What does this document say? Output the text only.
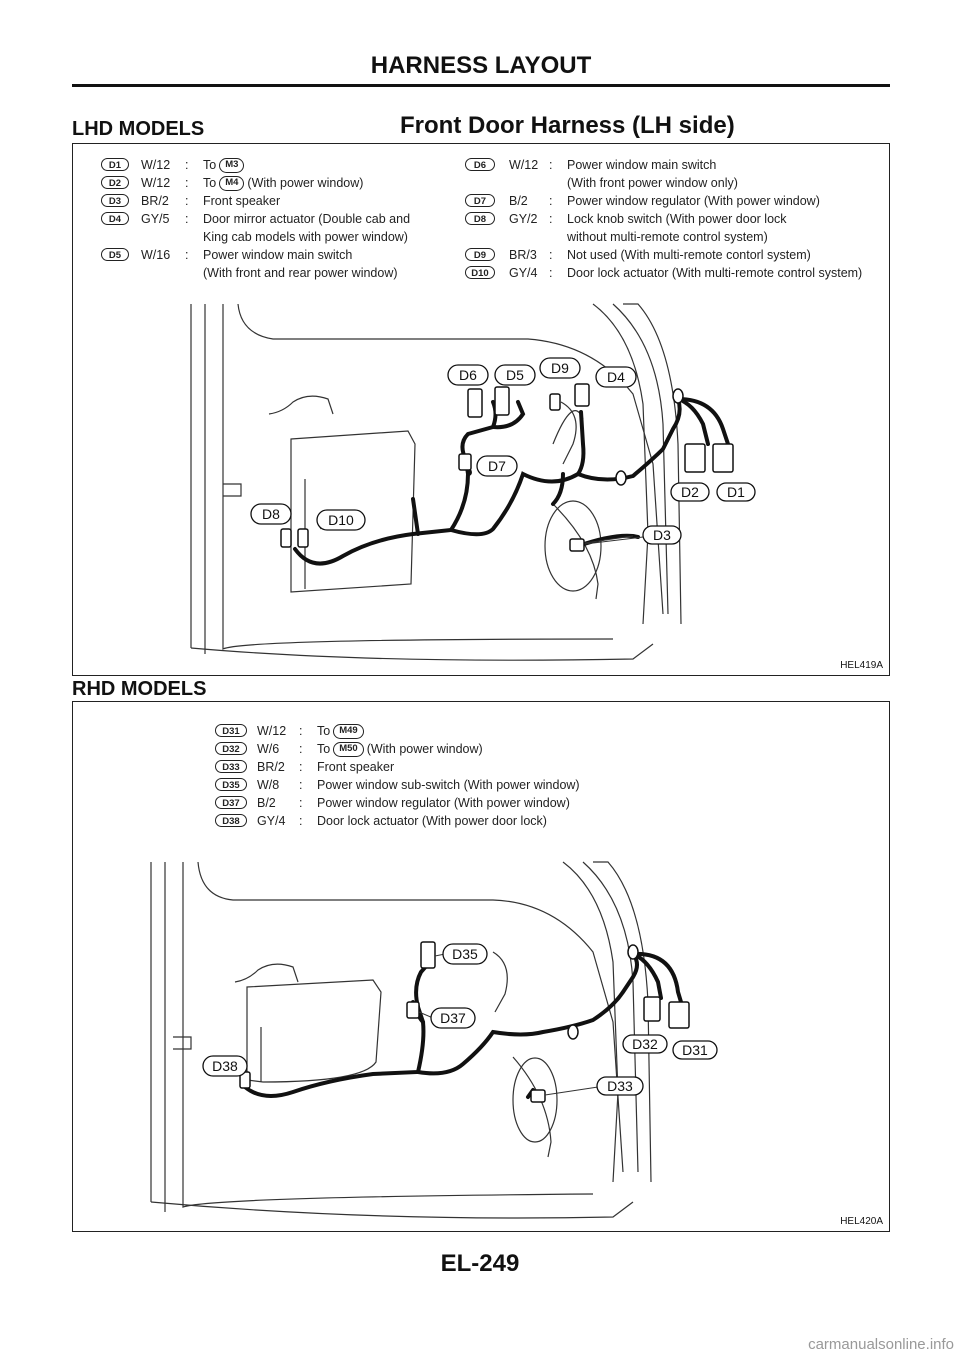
HARNESS LAYOUT
LHD MODELS	Front Door Harness (LH side)
D1	W/12 : To M3
D2	W/12 : To M4 (With power window)
D3	BR/2 : Front speaker
D4	GY/5 : Door mirror actuator (Double cab and
King cab models with power window)
D5	W/16 : Power window main switch
(With front and rear power window)
D6	W/12 : Power window main switch
(With front power window only)
D7	B/2 : Power window regulator (With power window)
D8	GY/2 : Lock knob switch (With power door lock
without multi-remote control system)
D9	BR/3 : Not used (With multi-remote contorl system)
D10	GY/4 : Door lock actuator (With multi-remote control system)
D6 D5 D9
D4
D7
D2 D1
D8	D10
D3
HEL419A
RHD MODELS
D31	W/12 : To M49
D32	W/6 : To M50 (With power window)
D33	BR/2 : Front speaker
D35	W/8 : Power window sub-switch (With power window)
D37	B/2 : Power window regulator (With power window)
D38	GY/4 : Door lock actuator (With power door lock)
D35
D37
D38
D32 D31
D33
HEL420A
EL-249
carmanualsonline.info
